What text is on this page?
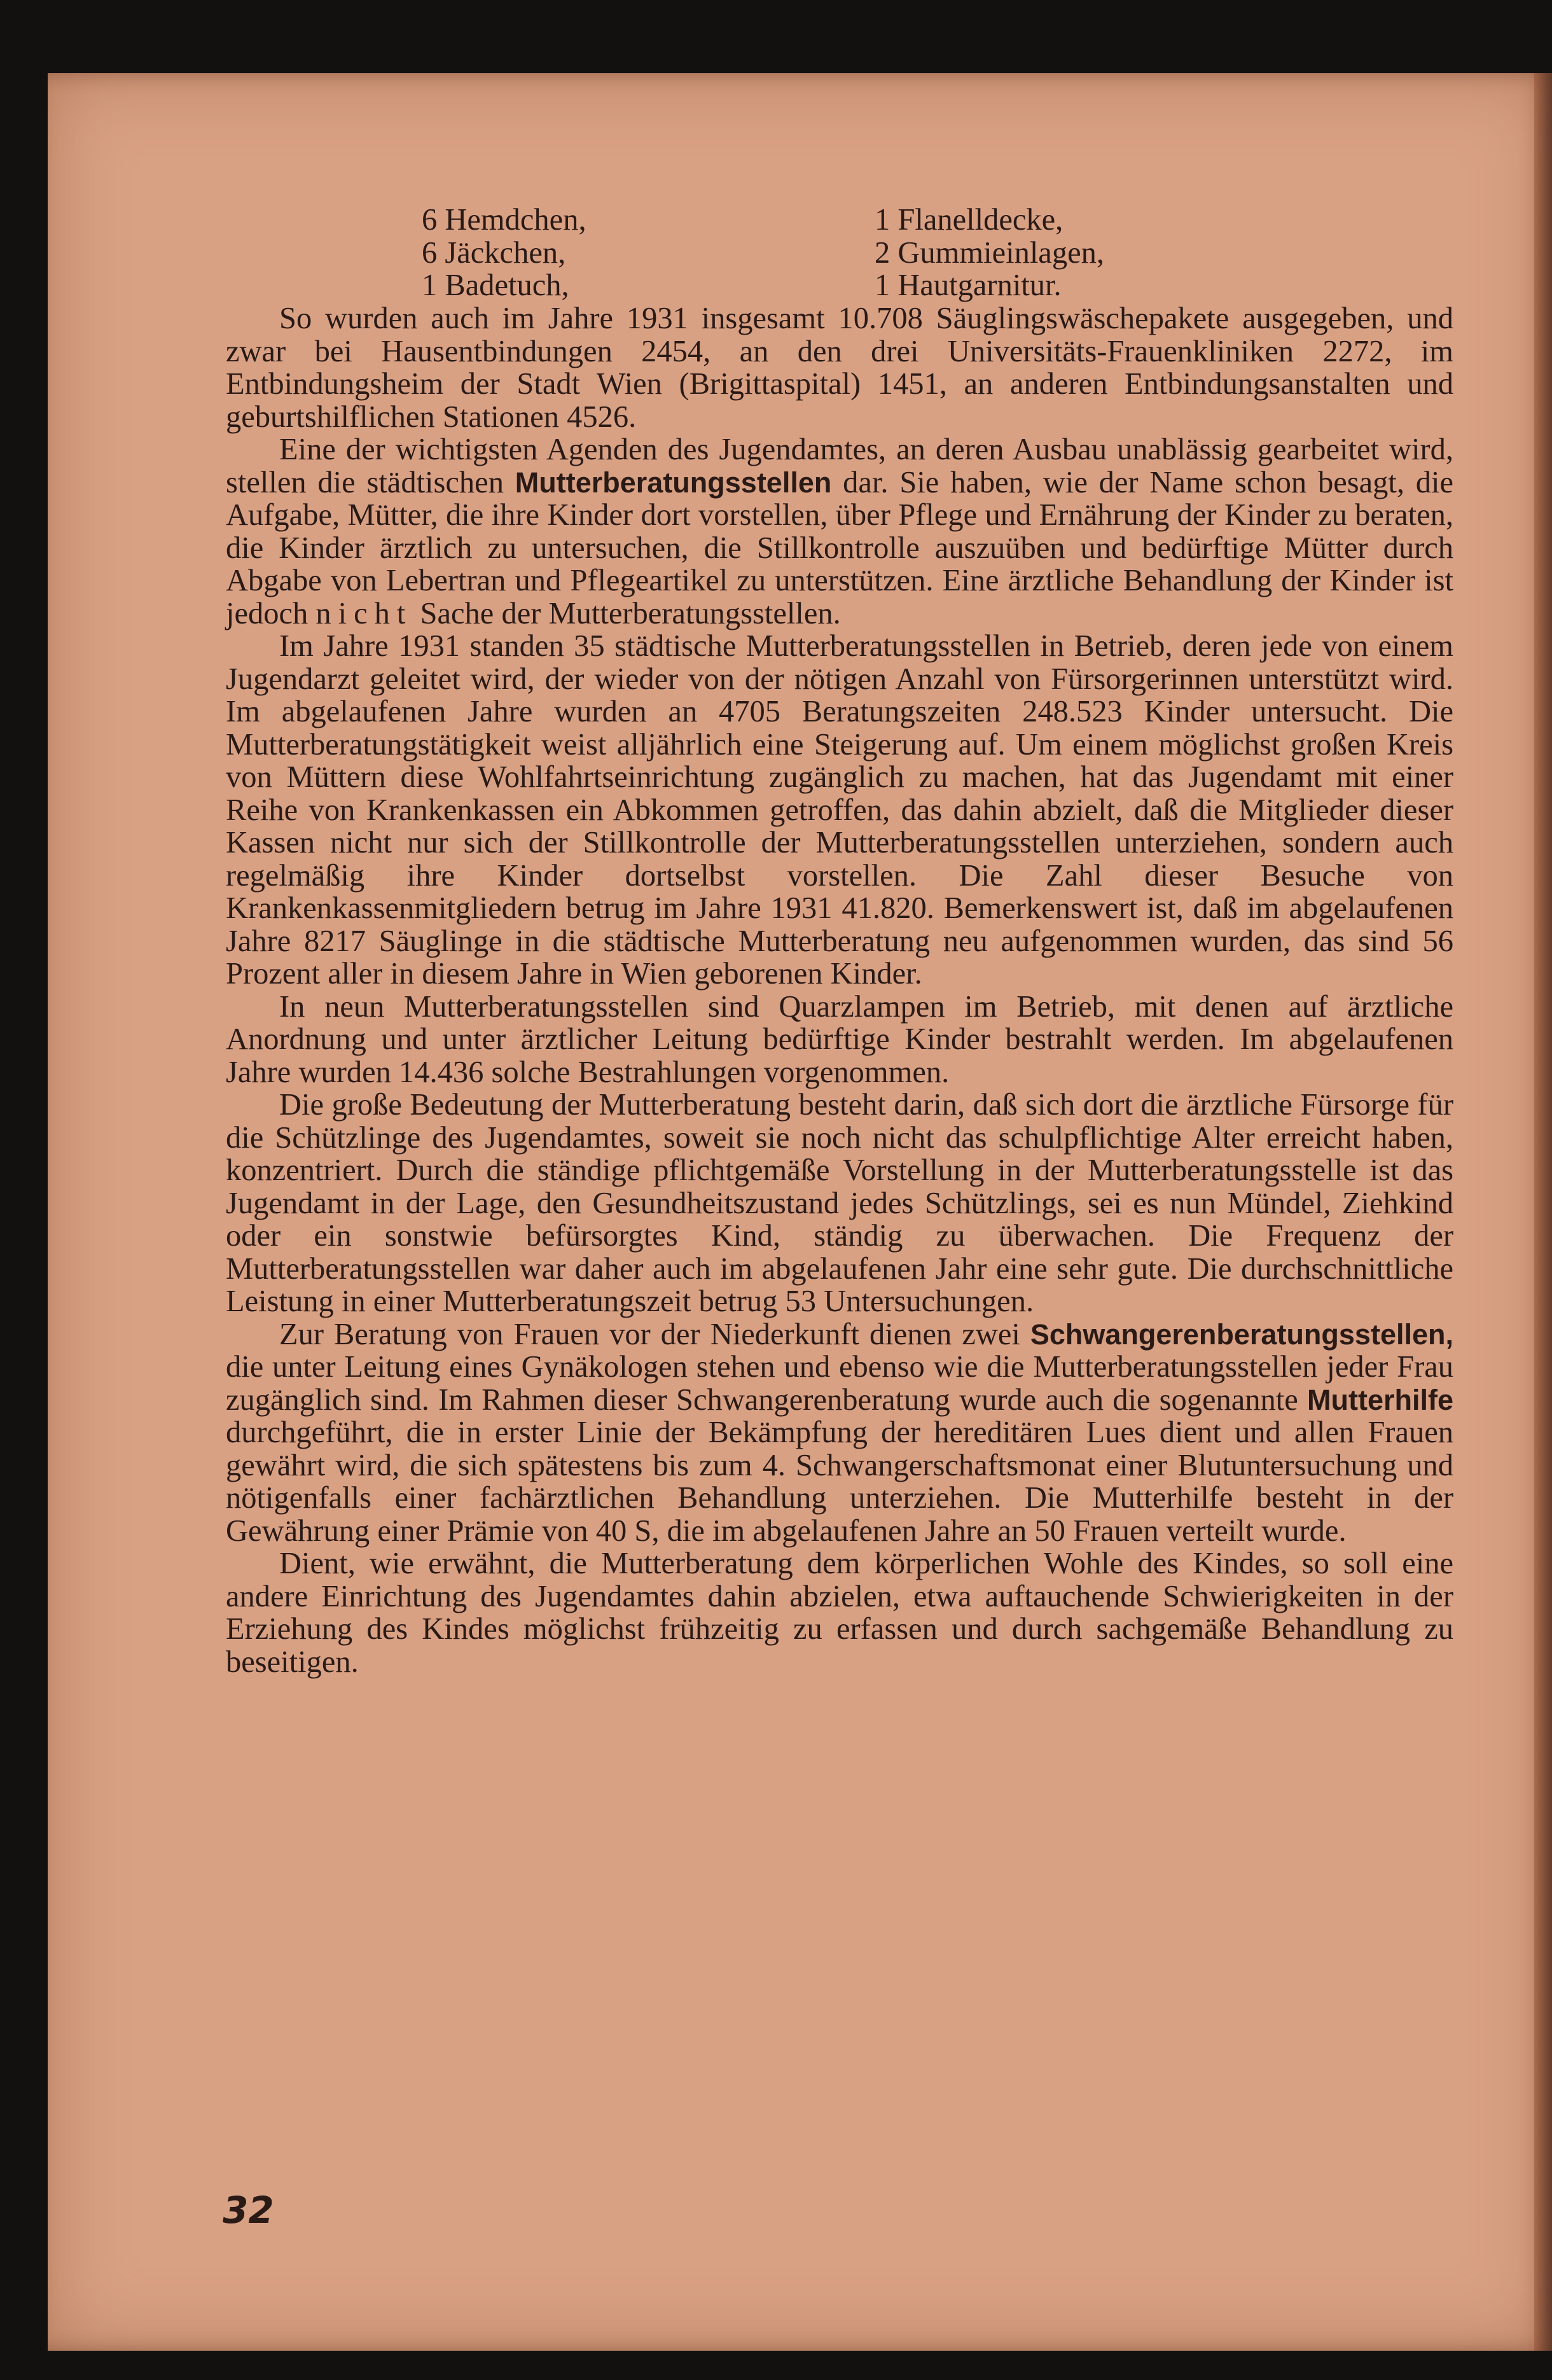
6 Hemdchen,
6 Jäckchen,
1 Badetuch,
1 Flanelldecke,
2 Gummieinlagen,
1 Hautgarnitur.

So wurden auch im Jahre 1931 insgesamt 10.708 Säuglingswäschepakete ausgegeben, und zwar bei Hausentbindungen 2454, an den drei Universitäts-Frauenkliniken 2272, im Entbindungsheim der Stadt Wien (Brigittaspital) 1451, an anderen Entbindungsanstalten und geburtshilflichen Stationen 4526.

Eine der wichtigsten Agenden des Jugendamtes, an deren Ausbau unablässig gearbeitet wird, stellen die städtischen Mutterberatungsstellen dar. Sie haben, wie der Name schon besagt, die Aufgabe, Mütter, die ihre Kinder dort vorstellen, über Pflege und Ernährung der Kinder zu beraten, die Kinder ärztlich zu untersuchen, die Stillkontrolle auszuüben und bedürftige Mütter durch Abgabe von Lebertran und Pflegeartikel zu unterstützen. Eine ärztliche Behandlung der Kinder ist jedoch nicht Sache der Mutterberatungsstellen.

Im Jahre 1931 standen 35 städtische Mutterberatungsstellen in Betrieb, deren jede von einem Jugendarzt geleitet wird, der wieder von der nötigen Anzahl von Fürsorgerinnen unterstützt wird. Im abgelaufenen Jahre wurden an 4705 Beratungszeiten 248.523 Kinder untersucht. Die Mutterberatungstätigkeit weist alljährlich eine Steigerung auf. Um einem möglichst großen Kreis von Müttern diese Wohlfahrtseinrichtung zugänglich zu machen, hat das Jugendamt mit einer Reihe von Krankenkassen ein Abkommen getroffen, das dahin abzielt, daß die Mitglieder dieser Kassen nicht nur sich der Stillkontrolle der Mutterberatungsstellen unterziehen, sondern auch regelmäßig ihre Kinder dortselbst vorstellen. Die Zahl dieser Besuche von Krankenkassenmitgliedern betrug im Jahre 1931 41.820. Bemerkenswert ist, daß im abgelaufenen Jahre 8217 Säuglinge in die städtische Mutterberatung neu aufgenommen wurden, das sind 56 Prozent aller in diesem Jahre in Wien geborenen Kinder.

In neun Mutterberatungsstellen sind Quarzlampen im Betrieb, mit denen auf ärztliche Anordnung und unter ärztlicher Leitung bedürftige Kinder bestrahlt werden. Im abgelaufenen Jahre wurden 14.436 solche Bestrahlungen vorgenommen.

Die große Bedeutung der Mutterberatung besteht darin, daß sich dort die ärztliche Fürsorge für die Schützlinge des Jugendamtes, soweit sie noch nicht das schulpflichtige Alter erreicht haben, konzentriert. Durch die ständige pflichtgemäße Vorstellung in der Mutterberatungsstelle ist das Jugendamt in der Lage, den Gesundheitszustand jedes Schützlings, sei es nun Mündel, Ziehkind oder ein sonstwie befürsorgtes Kind, ständig zu überwachen. Die Frequenz der Mutterberatungsstellen war daher auch im abgelaufenen Jahr eine sehr gute. Die durchschnittliche Leistung in einer Mutterberatungszeit betrug 53 Untersuchungen.

Zur Beratung von Frauen vor der Niederkunft dienen zwei Schwangerenberatungsstellen, die unter Leitung eines Gynäkologen stehen und ebenso wie die Mutterberatungsstellen jeder Frau zugänglich sind. Im Rahmen dieser Schwangerenberatung wurde auch die sogenannte Mutterhilfe durchgeführt, die in erster Linie der Bekämpfung der hereditären Lues dient und allen Frauen gewährt wird, die sich spätestens bis zum 4. Schwangerschaftsmonat einer Blutuntersuchung und nötigenfalls einer fachärztlichen Behandlung unterziehen. Die Mutterhilfe besteht in der Gewährung einer Prämie von 40 S, die im abgelaufenen Jahre an 50 Frauen verteilt wurde.

Dient, wie erwähnt, die Mutterberatung dem körperlichen Wohle des Kindes, so soll eine andere Einrichtung des Jugendamtes dahin abzielen, etwa auftauchende Schwierigkeiten in der Erziehung des Kindes möglichst frühzeitig zu erfassen und durch sachgemäße Behandlung zu beseitigen.

32
